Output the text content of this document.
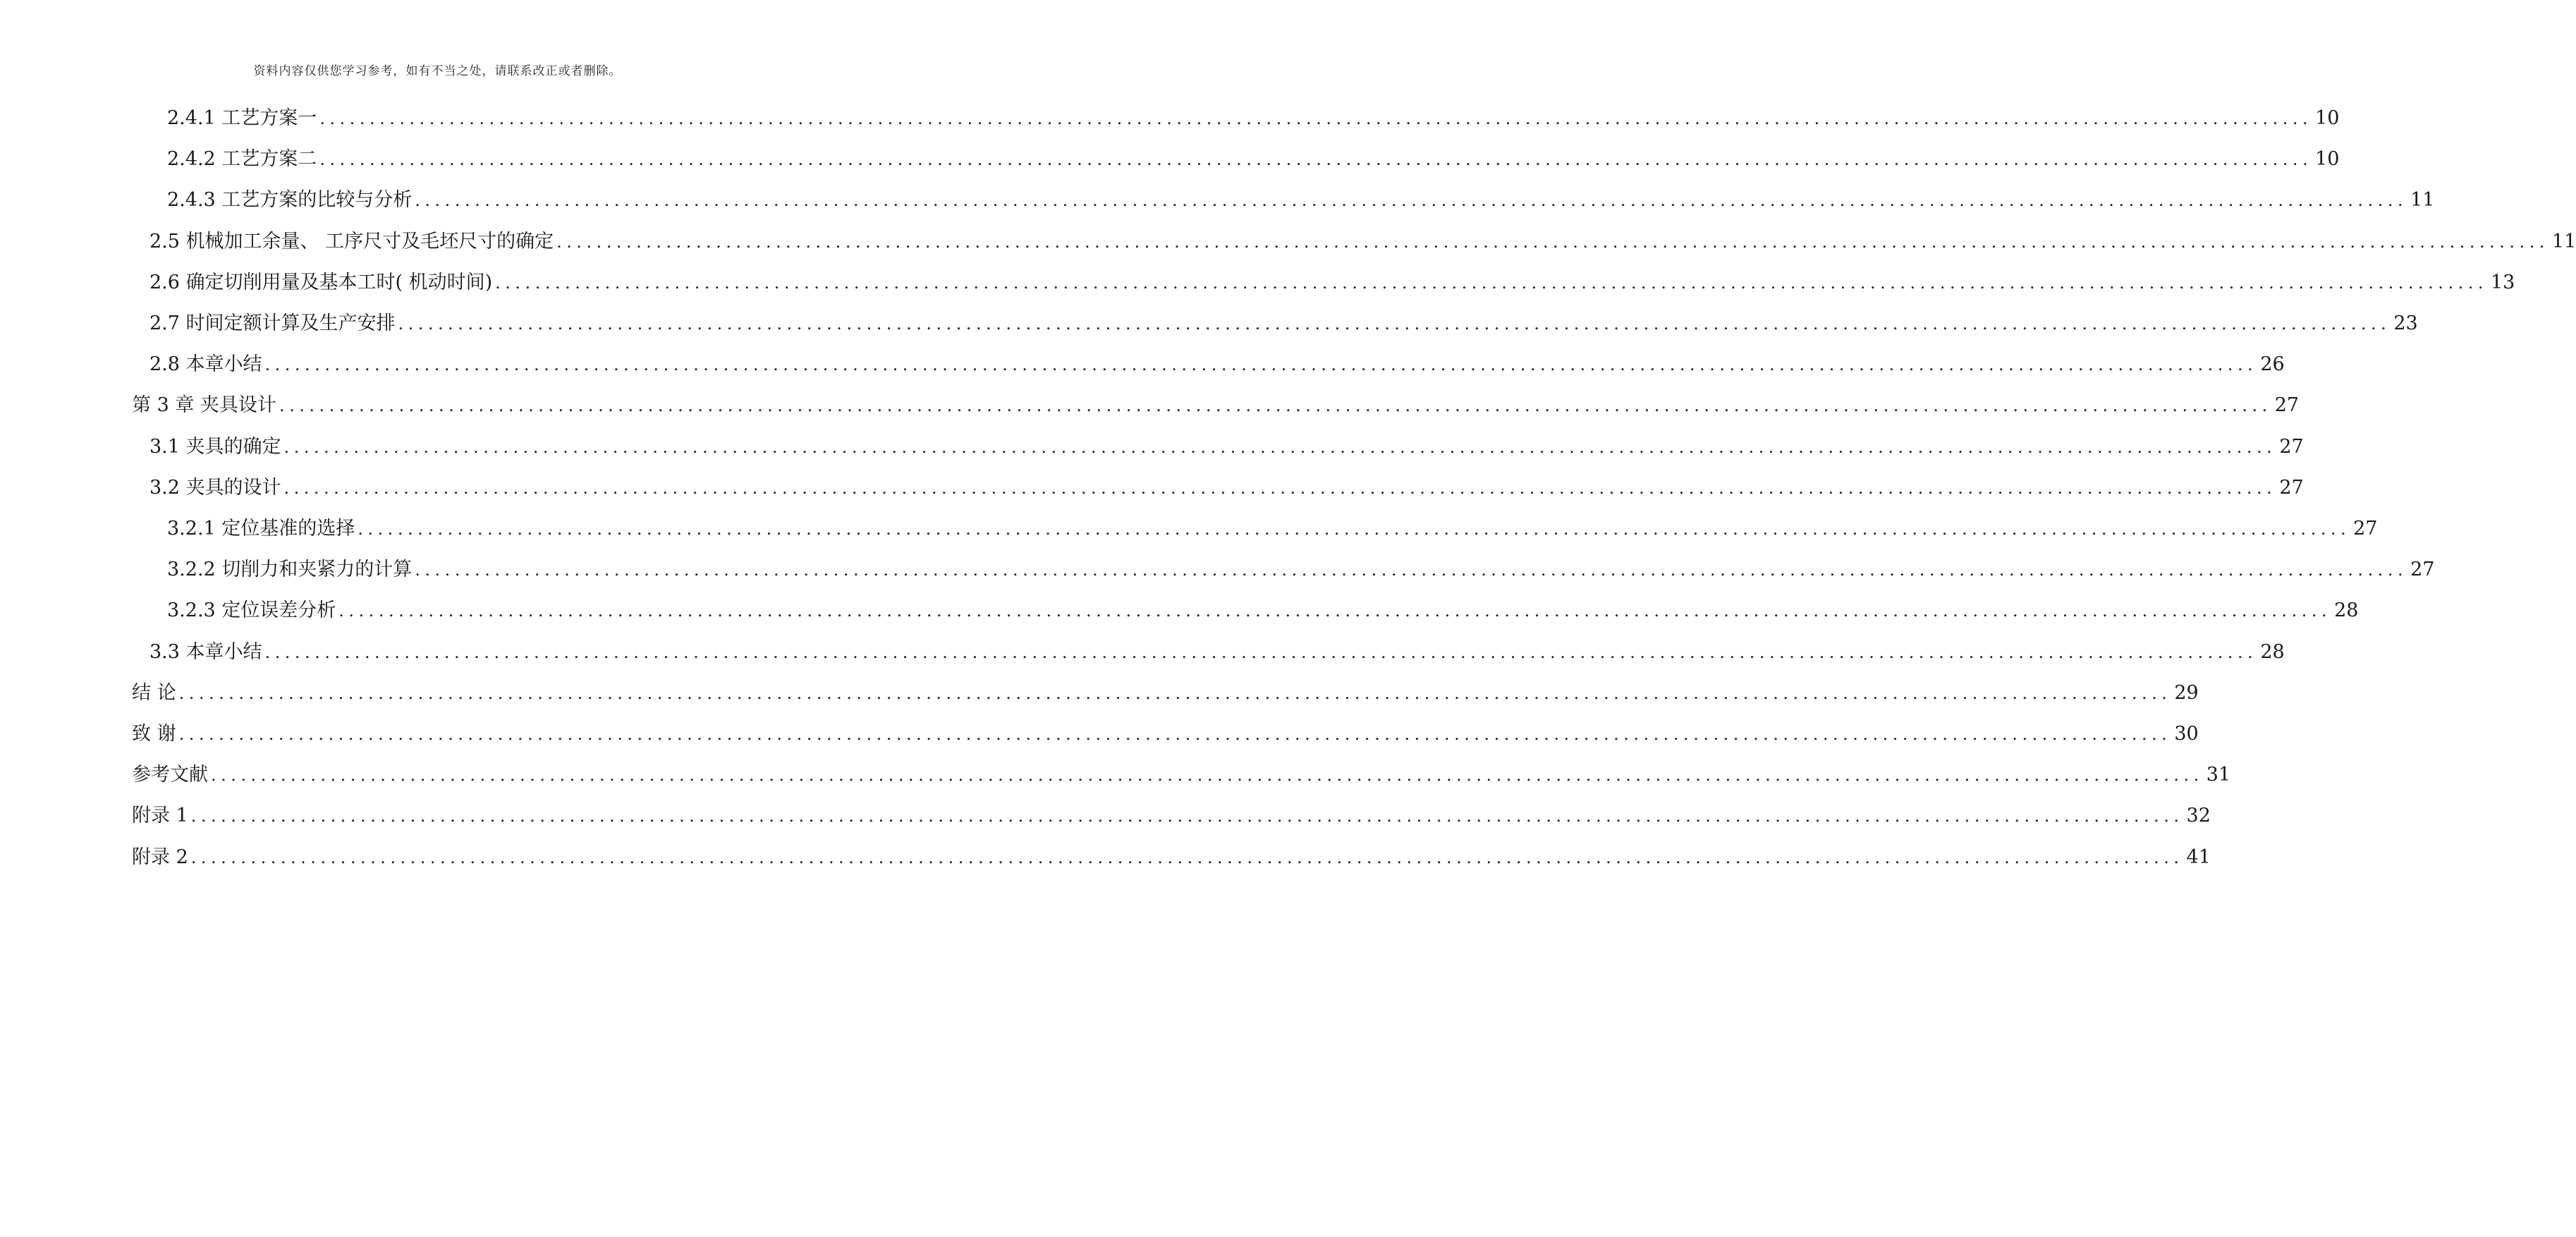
资料内容仅供您学习参考，如有不当之处，请联系改正或者删除。
2.4.1 工艺方案一 ........................................................................................................................................................................................................ 10
2.4.2 工艺方案二 ........................................................................................................................................................................................................ 10
2.4.3 工艺方案的比较与分析 ........................................................................................................................................................................................................ 11
2.5 机械加工余量、 工序尺寸及毛坯尺寸的确定 ........................................................................................................................................................................................................ 11
2.6 确定切削用量及基本工时( 机动时间) ........................................................................................................................................................................................................ 13
2.7 时间定额计算及生产安排 ........................................................................................................................................................................................................ 23
2.8 本章小结 ........................................................................................................................................................................................................ 26
第 3 章 夹具设计 ........................................................................................................................................................................................................ 27
3.1 夹具的确定 ........................................................................................................................................................................................................ 27
3.2 夹具的设计 ........................................................................................................................................................................................................ 27
3.2.1 定位基准的选择 ........................................................................................................................................................................................................ 27
3.2.2 切削力和夹紧力的计算 ........................................................................................................................................................................................................ 27
3.2.3 定位误差分析 ........................................................................................................................................................................................................ 28
3.3 本章小结 ........................................................................................................................................................................................................ 28
结 论 ........................................................................................................................................................................................................ 29
致 谢 ........................................................................................................................................................................................................ 30
参考文献 ........................................................................................................................................................................................................ 31
附录 1 ........................................................................................................................................................................................................ 32
附录 2 ........................................................................................................................................................................................................ 41
